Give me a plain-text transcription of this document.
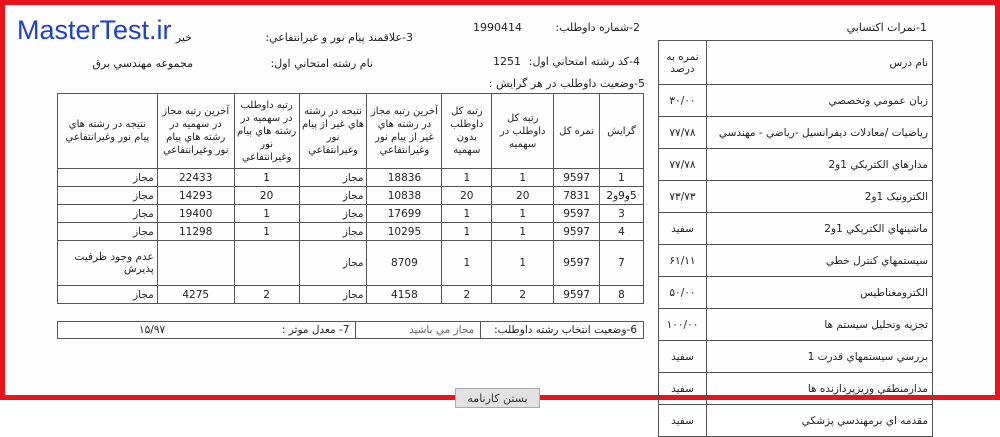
MasterTest.ir	1-نمرات اکتسابي
2-شماره داوطلب:
1990414
3-علاقمند پيام نور و غيرانتفاعي:
خير
4-کد رشته امتحاني اول:
1251
نام رشته امتحاني اول:
مجموعه مهندسي برق
5-وضعيت داوطلب در هر گرايش :
نام درس	نمره به درصد
زبان عمومي وتخصصي	۳۰/۰۰
رياضيات /معادلات ديفرانسيل -رياضي - مهندسي	۷۷/۷۸
مدارهاي الکتريکي 1و2	۷۷/۷۸
الکترونيک 1و2	۷۳/۷۳
ماشينهاي الکتريکي 1و2	سفيد
سيستمهاي کنترل خطي	۶۱/۱۱
الکترومغناطيس	۵۰/۰۰
تجزيه وتحليل سيستم ها	۱۰۰/۰۰
بررسي سيستمهاي قدرت 1	سفيد
مدارمنطقي وريزپردازنده ها	سفيد
مقدمه اي برمهندسي پزشکي	سفيد
گرايش	نمره کل	رتبه کل داوطلب در سهميه	رتبه کل داوطلب بدون سهميه	آخرين رتبه مجاز در رشته هاي غير از پيام نور وغيرانتفاعي	نتيجه در رشته هاي غير از پيام نور وغيرانتفاعي	رتبه داوطلب در سهميه در رشته هاي پيام نور وغيرانتفاعي	آخرين رتبه مجاز در سهميه در رشته هاي پيام نور وغيرانتفاعي	نتيجه در رشته هاي پيام نور وغيرانتفاعي
1	9597	1	1	18836	مجاز	1	22433	مجاز
5و9و2	7831	20	20	10838	مجاز	20	14293	مجاز
3	9597	1	1	17699	مجاز	1	19400	مجاز
4	9597	1	1	10295	مجاز	1	11298	مجاز
7	9597	1	1	8709	مجاز			عدم وجود ظرفيت پذيرش
8	9597	2	2	4158	مجاز	2	4275	مجاز
6-وضعيت انتخاب رشته داوطلب:	مجاز مي باشيد	7- معدل موثر :	۱۵/۹۷
بستن کارنامه
